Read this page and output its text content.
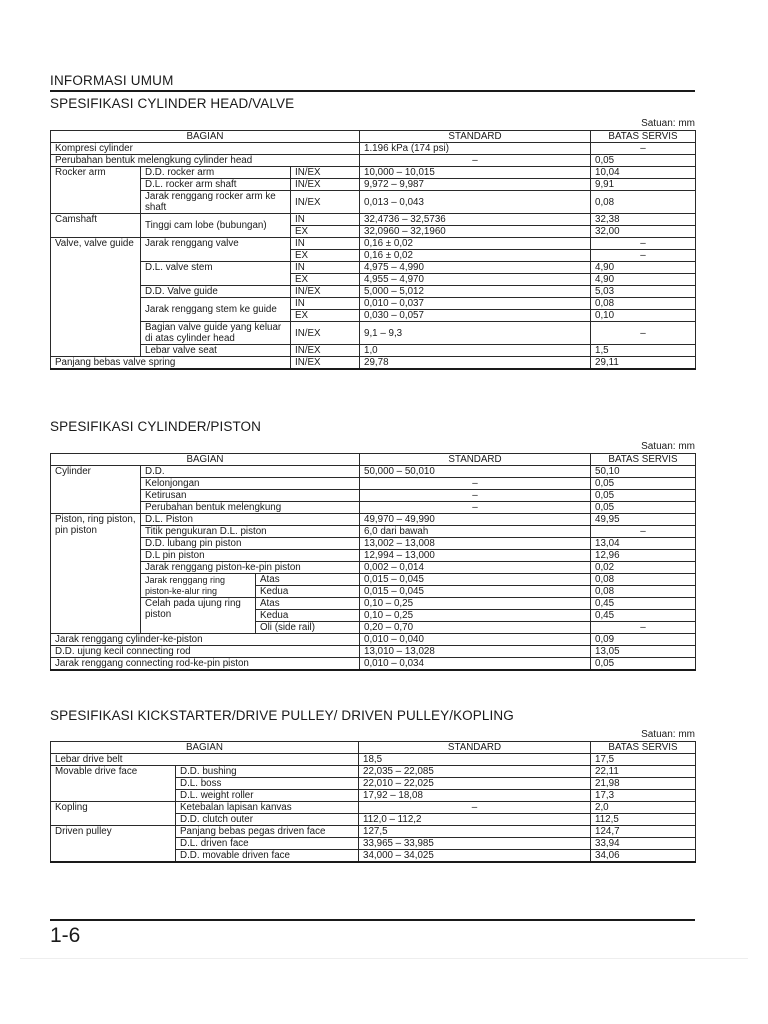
INFORMASI UMUM
SPESIFIKASI CYLINDER HEAD/VALVE
Satuan: mm
BAGIAN			STANDARD	BATAS SERVIS
Kompresi cylinder			1.196 kPa (174 psi)	–
Perubahan bentuk melengkung cylinder head			–	0,05
Rocker arm	D.D. rocker arm	IN/EX	10,000 – 10,015	10,04
	D.L. rocker arm shaft	IN/EX	9,972 – 9,987	9,91
	Jarak renggang rocker arm ke shaft	IN/EX	0,013 – 0,043	0,08
Camshaft	Tinggi cam lobe (bubungan)	IN	32,4736 – 32,5736	32,38
		EX	32,0960 – 32,1960	32,00
Valve, valve guide	Jarak renggang valve	IN	0,16 ± 0,02	–
		EX	0,16 ± 0,02	–
	D.L. valve stem	IN	4,975 – 4,990	4,90
		EX	4,955 – 4,970	4,90
	D.D. Valve guide	IN/EX	5,000 – 5,012	5,03
	Jarak renggang stem ke guide	IN	0,010 – 0,037	0,08
		EX	0,030 – 0,057	0,10
	Bagian valve guide yang keluar di atas cylinder head	IN/EX	9,1 – 9,3	–
	Lebar valve seat	IN/EX	1,0	1,5
Panjang bebas valve spring		IN/EX	29,78	29,11
SPESIFIKASI CYLINDER/PISTON
Satuan: mm
BAGIAN			STANDARD	BATAS SERVIS
Cylinder	D.D.		50,000 – 50,010	50,10
	Kelonjongan		–	0,05
	Ketirusan		–	0,05
	Perubahan bentuk melengkung		–	0,05
Piston, ring piston, pin piston	D.L. Piston		49,970 – 49,990	49,95
	Titik pengukuran D.L. piston		6,0 dari bawah	–
	D.D. lubang pin piston		13,002 – 13,008	13,04
	D.L pin piston		12,994 – 13,000	12,96
	Jarak renggang piston-ke-pin piston		0,002 – 0,014	0,02
	Jarak renggang ring piston-ke-alur ring	Atas	0,015 – 0,045	0,08
		Kedua	0,015 – 0,045	0,08
	Celah pada ujung ring piston	Atas	0,10 – 0,25	0,45
		Kedua	0,10 – 0,25	0,45
		Oli (side rail)	0,20 – 0,70	–
Jarak renggang cylinder-ke-piston			0,010 – 0,040	0,09
D.D. ujung kecil connecting rod			13,010 – 13,028	13,05
Jarak renggang connecting rod-ke-pin piston			0,010 – 0,034	0,05
SPESIFIKASI KICKSTARTER/DRIVE PULLEY/ DRIVEN PULLEY/KOPLING
Satuan: mm
BAGIAN		STANDARD	BATAS SERVIS
Lebar drive belt		18,5	17,5
Movable drive face	D.D. bushing	22,035 – 22,085	22,11
	D.L. boss	22,010 – 22,025	21,98
	D.L. weight roller	17,92 – 18,08	17,3
Kopling	Ketebalan lapisan kanvas	–	2,0
	D.D. clutch outer	112,0 – 112,2	112,5
Driven pulley	Panjang bebas pegas driven face	127,5	124,7
	D.L. driven face	33,965 – 33,985	33,94
	D.D. movable driven face	34,000 – 34,025	34,06
1-6
